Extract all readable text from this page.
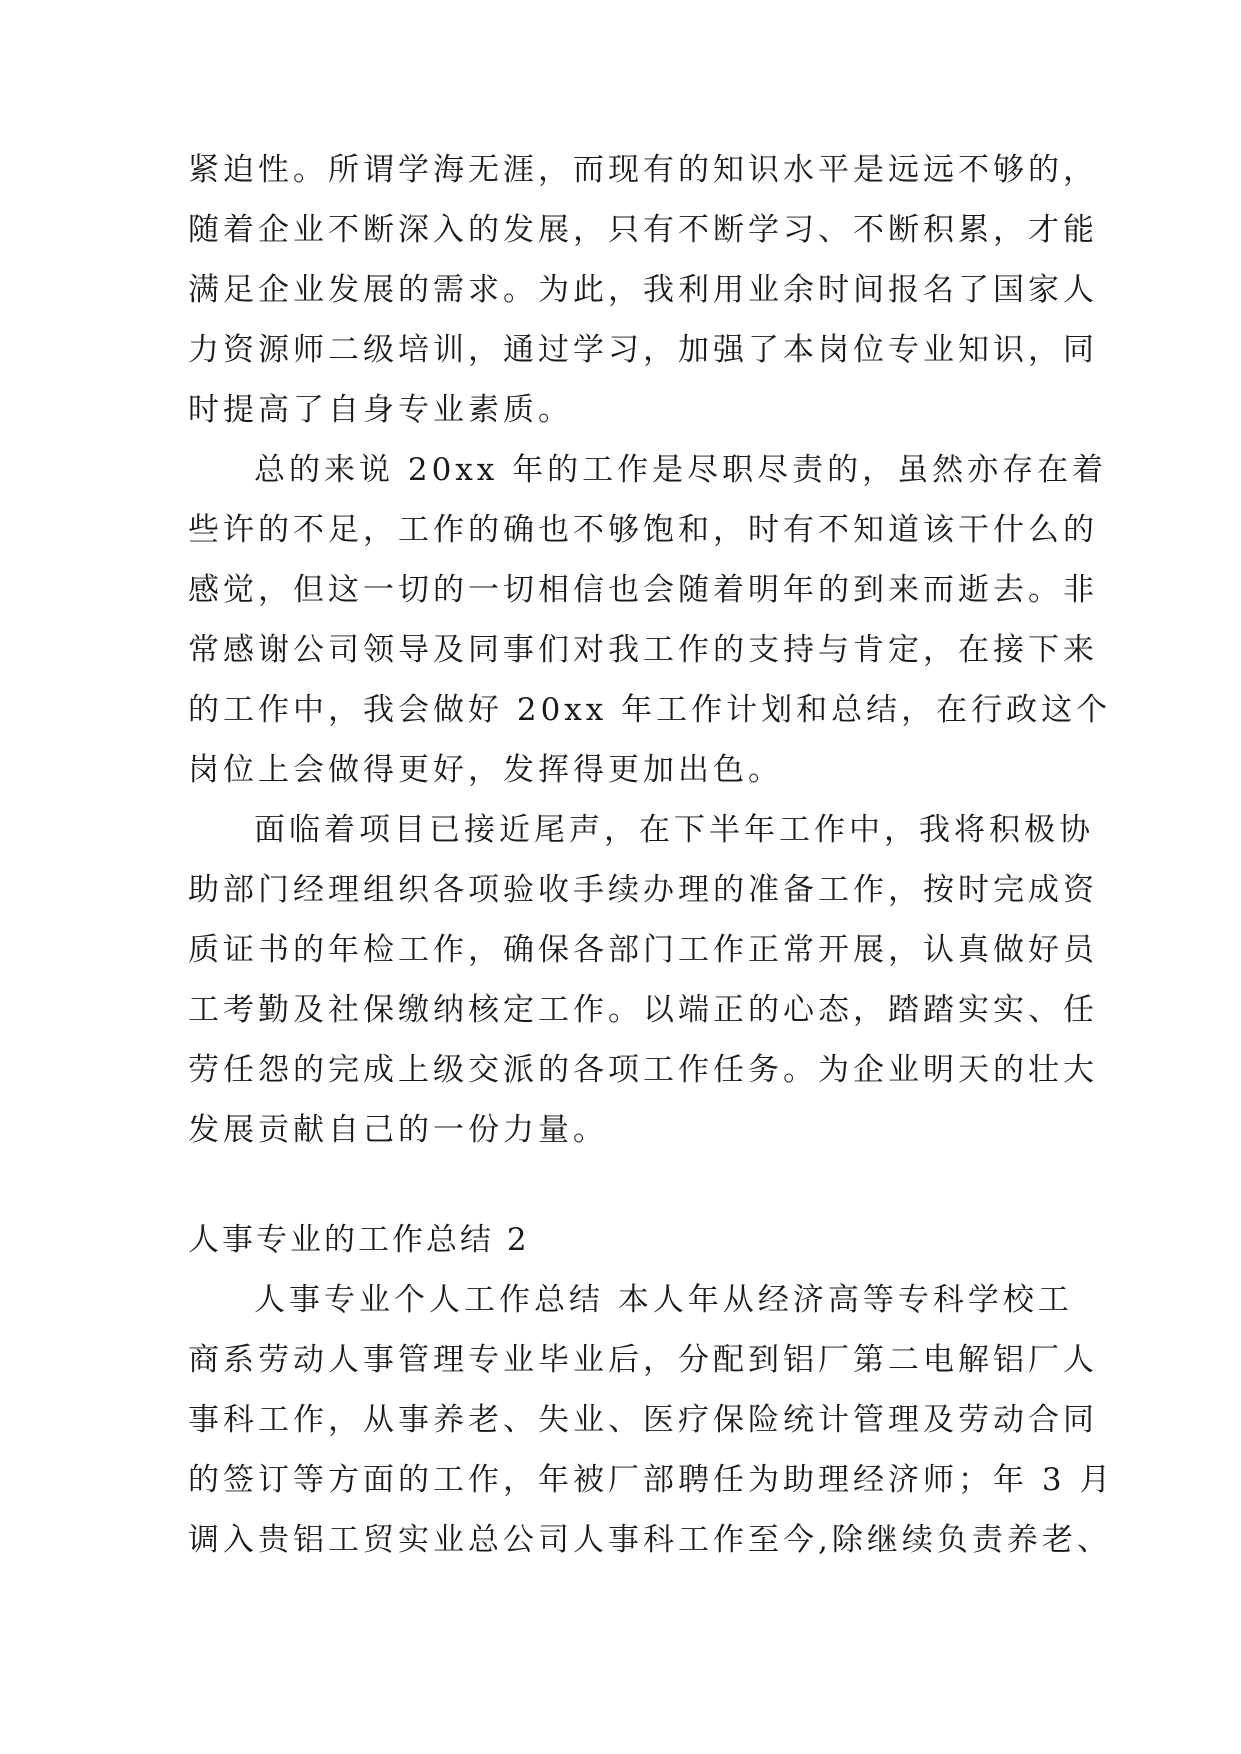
紧迫性。所谓学海无涯，而现有的知识水平是远远不够的，
随着企业不断深入的发展，只有不断学习、不断积累，才能
满足企业发展的需求。为此，我利用业余时间报名了国家人
力资源师二级培训，通过学习，加强了本岗位专业知识，同
时提高了自身专业素质。
总的来说 20xx 年的工作是尽职尽责的，虽然亦存在着
些许的不足，工作的确也不够饱和，时有不知道该干什么的
感觉，但这一切的一切相信也会随着明年的到来而逝去。非
常感谢公司领导及同事们对我工作的支持与肯定，在接下来
的工作中，我会做好 20xx 年工作计划和总结，在行政这个
岗位上会做得更好，发挥得更加出色。
面临着项目已接近尾声，在下半年工作中，我将积极协
助部门经理组织各项验收手续办理的准备工作，按时完成资
质证书的年检工作，确保各部门工作正常开展，认真做好员
工考勤及社保缴纳核定工作。以端正的心态，踏踏实实、任
劳任怨的完成上级交派的各项工作任务。为企业明天的壮大
发展贡献自己的一份力量。
人事专业的工作总结 2
人事专业个人工作总结 本人年从经济高等专科学校工
商系劳动人事管理专业毕业后，分配到铝厂第二电解铝厂人
事科工作，从事养老、失业、医疗保险统计管理及劳动合同
的签订等方面的工作，年被厂部聘任为助理经济师；年 3 月
调入贵铝工贸实业总公司人事科工作至今,除继续负责养老、
